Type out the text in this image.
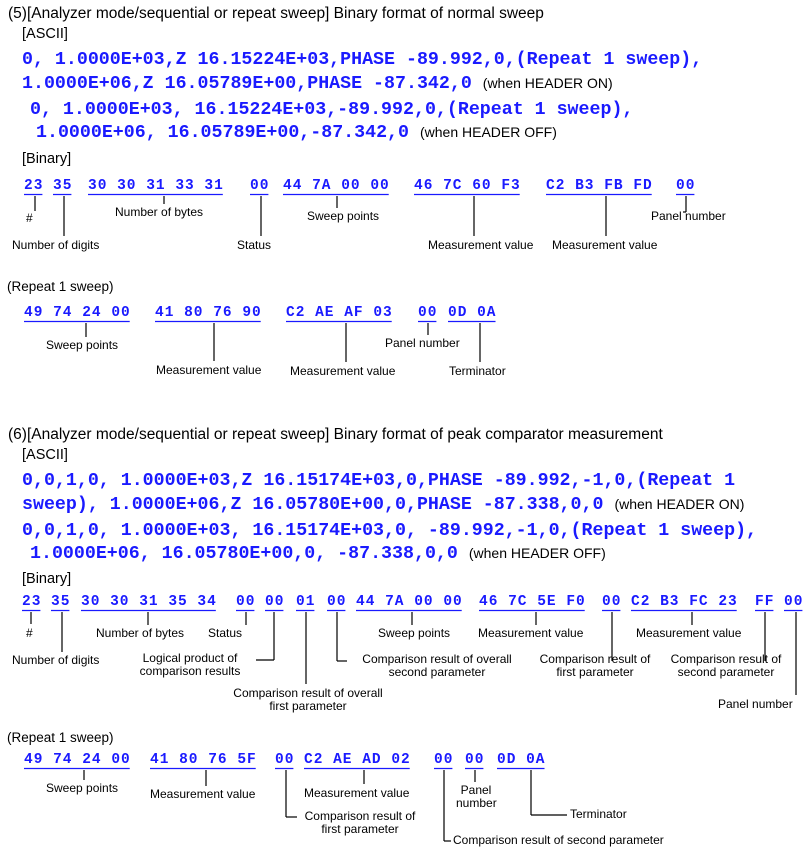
(5)[Analyzer mode/sequential or repeat sweep] Binary format of normal sweep
[ASCII]
0, 1.0000E+03,Z 16.15224E+03,PHASE -89.992,0,(Repeat 1 sweep),
1.0000E+06,Z 16.05789E+00,PHASE -87.342,0 (when HEADER ON)
0, 1.0000E+03, 16.15224E+03,-89.992,0,(Repeat 1 sweep),
1.0000E+06, 16.05789E+00,-87.342,0 (when HEADER OFF)
[Binary]
23 35 30 30 31 33 31 00 44 7A 00 00 46 7C 60 F3 C2 B3 FB FD 00
#
Number of digits
Number of bytes
Status
Sweep points
Measurement value Measurement value
Panel number
(Repeat 1 sweep)
49 74 24 00 41 80 76 90 C2 AE AF 03 00 0D 0A
Sweep points
Measurement value Measurement value
Panel number
Terminator
(6)[Analyzer mode/sequential or repeat sweep] Binary format of peak comparator measurement
[ASCII]
0,0,1,0, 1.0000E+03,Z 16.15174E+03,0,PHASE -89.992,-1,0,(Repeat 1
sweep), 1.0000E+06,Z 16.05780E+00,0,PHASE -87.338,0,0 (when HEADER ON)
0,0,1,0, 1.0000E+03, 16.15174E+03,0, -89.992,-1,0,(Repeat 1 sweep),
1.0000E+06, 16.05780E+00,0, -87.338,0,0 (when HEADER OFF)
[Binary]
23 35 30 30 31 35 34 00 00 01 00 44 7A 00 00 46 7C 5E F0 00 C2 B3 FC 23 FF 00
#
Number of digits
Number of bytes Status
Logical product of
comparison results
Comparison result of overall
first parameter
Comparison result of overall
second parameter
Sweep points Measurement value
Comparison result of
first parameter
Measurement value
Comparison result of
second parameter
Panel number
(Repeat 1 sweep)
49 74 24 00 41 80 76 5F 00 C2 AE AD 02 00 00 0D 0A
Sweep points	Measurement value
Comparison result of
first parameter
Measurement value
Comparison result of second parameter
Panel
number
Terminator
